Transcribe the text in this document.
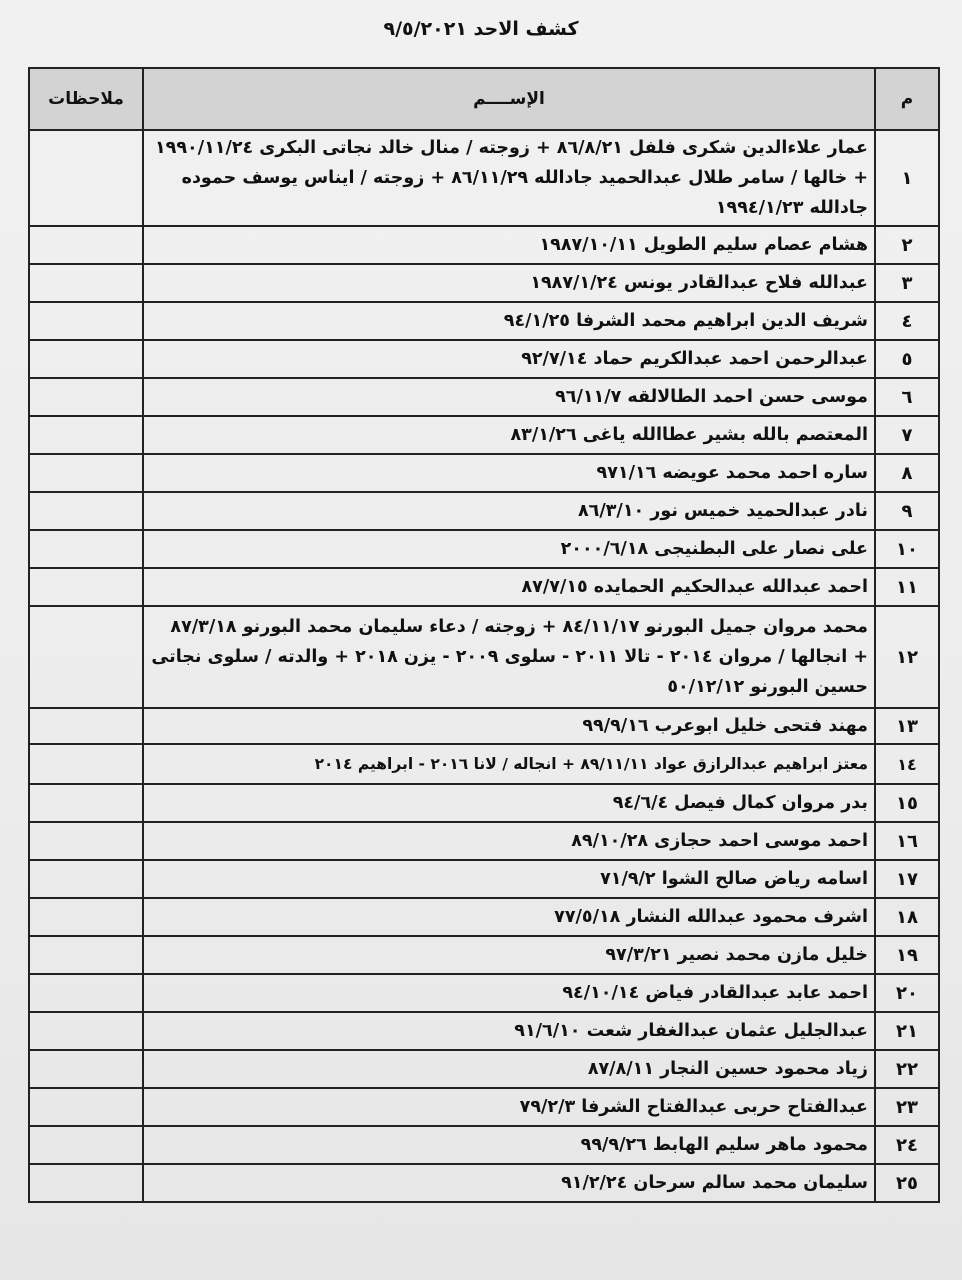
كشف الاحد ٩/٥/٢٠٢١
م	الإســــم	ملاحظات
١	عمار علاءالدين شكرى فلفل ٨٦/٨/٢١ + زوجته / منال خالد نجاتى البكرى ١٩٩٠/١١/٢٤ + خالها / سامر طلال عبدالحميد جادالله ٨٦/١١/٢٩ + زوجته / ايناس يوسف حموده جادالله ١٩٩٤/١/٢٣	
٢	هشام عصام سليم الطويل ١٩٨٧/١٠/١١	
٣	عبدالله فلاح عبدالقادر يونس ١٩٨٧/١/٢٤	
٤	شريف الدين ابراهيم محمد الشرفا ٩٤/١/٢٥	
٥	عبدالرحمن احمد عبدالكريم حماد ٩٢/٧/١٤	
٦	موسى حسن احمد الطالالقه ٩٦/١١/٧	
٧	المعتصم بالله بشير عطاالله ياغى ٨٣/١/٢٦	
٨	ساره احمد محمد عويضه ٩٧١/١٦	
٩	نادر عبدالحميد خميس نور ٨٦/٣/١٠	
١٠	على نصار على البطنيجى ٢٠٠٠/٦/١٨	
١١	احمد عبدالله عبدالحكيم الحمايده ٨٧/٧/١٥	
١٢	محمد مروان جميل البورنو ٨٤/١١/١٧ + زوجته / دعاء سليمان محمد البورنو ٨٧/٣/١٨ + انجالها / مروان ٢٠١٤ - تالا ٢٠١١ - سلوى ٢٠٠٩ - يزن ٢٠١٨ + والدته / سلوى نجاتى حسين البورنو ٥٠/١٢/١٢	
١٣	مهند فتحى خليل ابوعرب ٩٩/٩/١٦	
١٤	معتز ابراهيم عبدالرازق عواد ٨٩/١١/١١ + انجاله / لانا ٢٠١٦ - ابراهيم ٢٠١٤	
١٥	بدر مروان كمال فيصل ٩٤/٦/٤	
١٦	احمد موسى احمد حجازى ٨٩/١٠/٢٨	
١٧	اسامه رياض صالح الشوا ٧١/٩/٢	
١٨	اشرف محمود عبدالله النشار ٧٧/٥/١٨	
١٩	خليل مازن محمد نصير ٩٧/٣/٢١	
٢٠	احمد عابد عبدالقادر فياض ٩٤/١٠/١٤	
٢١	عبدالجليل عثمان عبدالغفار شعت ٩١/٦/١٠	
٢٢	زياد محمود حسين النجار ٨٧/٨/١١	
٢٣	عبدالفتاح حربى عبدالفتاح الشرفا ٧٩/٢/٣	
٢٤	محمود ماهر سليم الهابط ٩٩/٩/٢٦	
٢٥	سليمان محمد سالم سرحان ٩١/٢/٢٤	
